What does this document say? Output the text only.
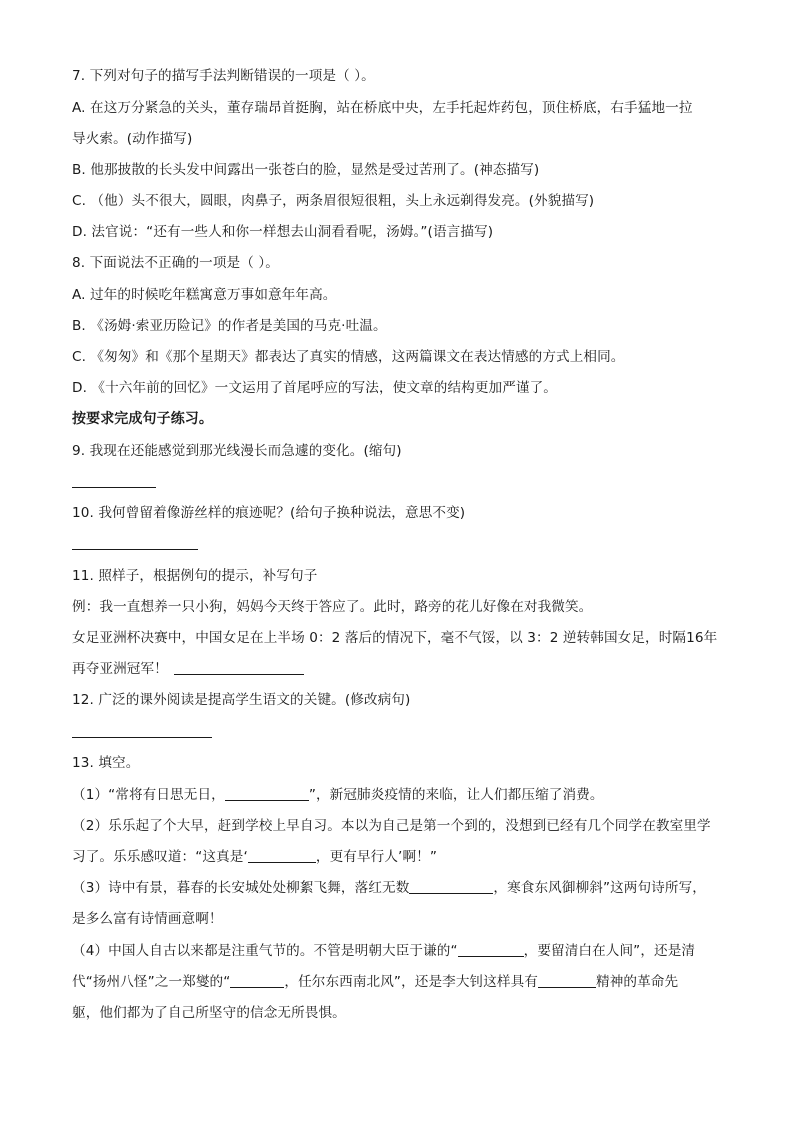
7. 下列对句子的描写手法判断错误的一项是（ ）。
A. 在这万分紧急的关头，董存瑞昂首挺胸，站在桥底中央，左手托起炸药包，顶住桥底，右手猛地一拉
导火索。(动作描写)
B. 他那披散的长头发中间露出一张苍白的脸，显然是受过苦刑了。(神态描写)
C. （他）头不很大，圆眼，肉鼻子，两条眉很短很粗，头上永远剃得发亮。(外貌描写)
D. 法官说：“还有一些人和你一样想去山洞看看呢，汤姆。”(语言描写)
8. 下面说法不正确的一项是（ ）。
A. 过年的时候吃年糕寓意万事如意年年高。
B. 《汤姆·索亚历险记》的作者是美国的马克·吐温。
C. 《匆匆》和《那个星期天》都表达了真实的情感，这两篇课文在表达情感的方式上相同。
D. 《十六年前的回忆》一文运用了首尾呼应的写法，使文章的结构更加严谨了。
按要求完成句子练习。
9. 我现在还能感觉到那光线漫长而急遽的变化。(缩句)
10. 我何曾留着像游丝样的痕迹呢？(给句子换种说法，意思不变)
11. 照样子，根据例句的提示，补写句子
例：我一直想养一只小狗，妈妈今天终于答应了。此时，路旁的花儿好像在对我微笑。
女足亚洲杯决赛中，中国女足在上半场 0：2 落后的情况下，毫不气馁，以 3：2 逆转韩国女足，时隔16年
再夺亚洲冠军！
12. 广泛的课外阅读是提高学生语文的关键。(修改病句)
13. 填空。
（1）“常将有日思无日，	”，新冠肺炎疫情的来临，让人们都压缩了消费。
（2）乐乐起了个大早，赶到学校上早自习。本以为自己是第一个到的，没想到已经有几个同学在教室里学
习了。乐乐感叹道：“这真是‘	，更有早行人’啊！”
（3）诗中有景，暮春的长安城处处柳絮飞舞，落红无数	，寒食东风御柳斜”这两句诗所写，
是多么富有诗情画意啊！
（4）中国人自古以来都是注重气节的。不管是明朝大臣于谦的“	，要留清白在人间”，还是清
代“扬州八怪”之一郑燮的“	，任尔东西南北风”，还是李大钊这样具有	精神的革命先
躯，他们都为了自己所坚守的信念无所畏惧。
